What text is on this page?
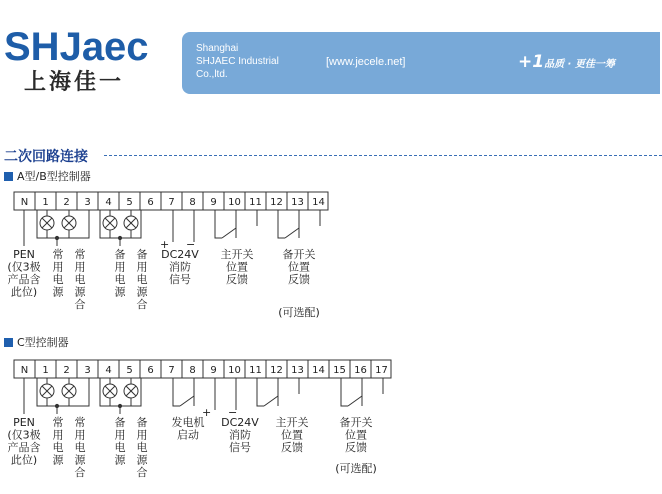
SHJaec
上海佳一
Shanghai
SHJAEC Industrial
Co.,ltd.
[www.jecele.net]	+1品质 · 更佳一筹
二次回路连接
A型/B型控制器
N 1 2 3 4 5 6 7 8 9 10 11 12 13 14
+ −
PEN
(仅3极
产品含
此位)
常
用
电
源
常
用
电
源
合
备
用
电
源
备
用
电
源
合
DC24V
消防
信号
主开关
位置
反馈
备开关
位置
反馈
(可选配)
C型控制器
N 1 2 3 4 5 6 7 8 9 10 11 12 13 14 15 16 17
+ −
PEN
(仅3极
产品含
此位)
常
用
电
源
常
用
电
源
合
备
用
电
源
备
用
电
源
合
发电机
启动
DC24V
消防
信号
主开关
位置
反馈
备开关
位置
反馈
(可选配)
